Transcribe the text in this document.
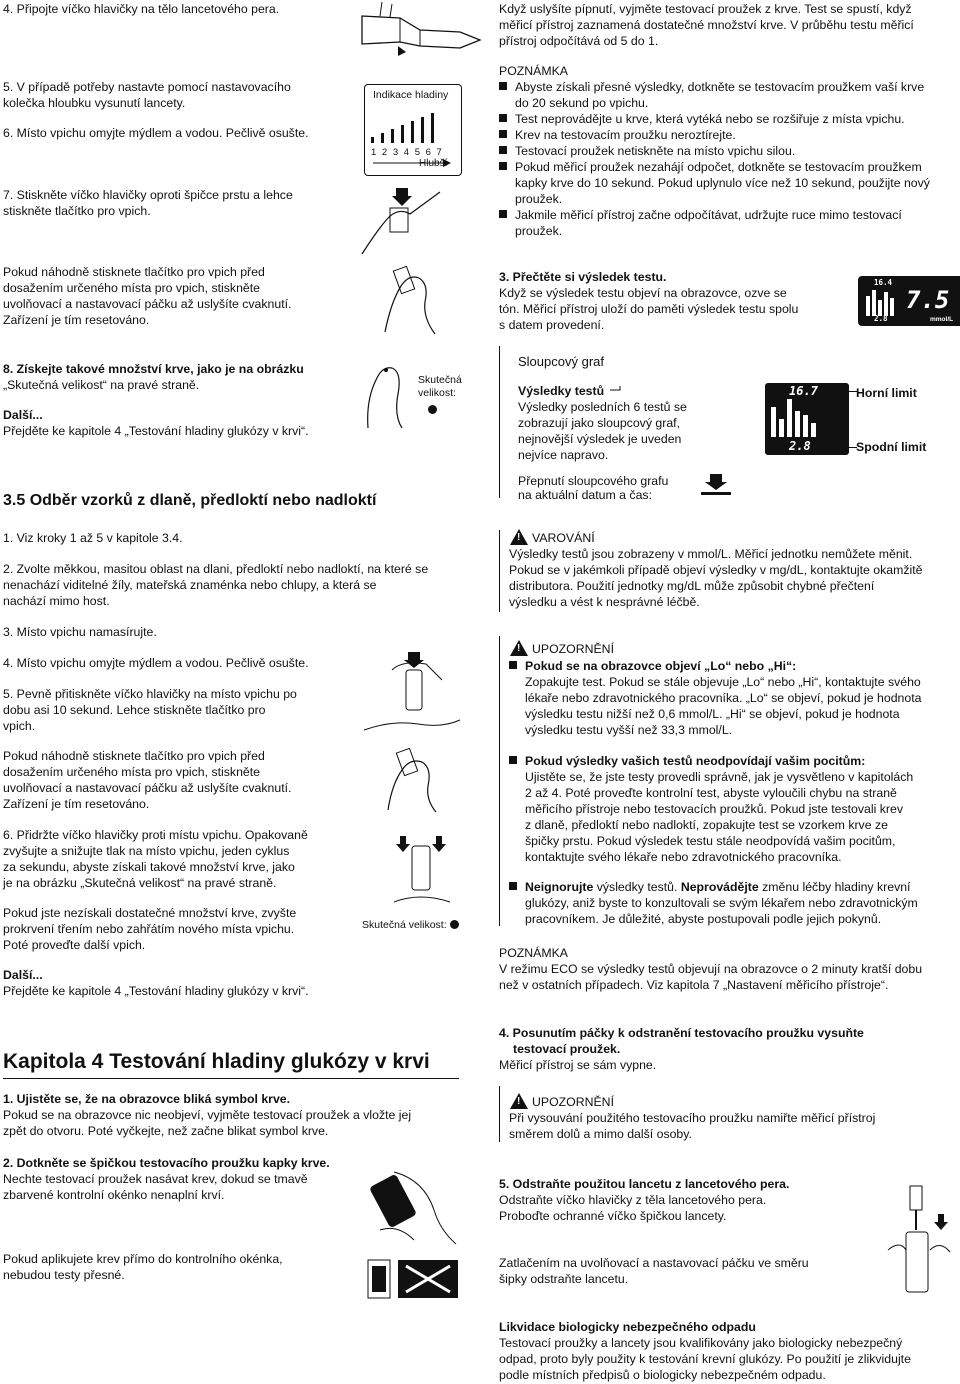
4. Připojte víčko hlavičky na tělo lancetového pera.
5. V případě potřeby nastavte pomocí nastavovacího
kolečka hloubku vysunutí lancety.
6. Místo vpichu omyjte mýdlem a vodou. Pečlivě osušte.
7. Stiskněte víčko hlavičky oproti špičce prstu a lehce
stiskněte tlačítko pro vpich.
Indikace hladiny
1 2 3 4 5 6 7
Hlubší
Pokud náhodně stisknete tlačítko pro vpich před
dosažením určeného místa pro vpich, stiskněte
uvolňovací a nastavovací páčku až uslyšíte cvaknutí.
Zařízení je tím resetováno.
8. Získejte takové množství krve, jako je na obrázku
„Skutečná velikost“ na pravé straně.	Skutečná
velikost:
Další...
Přejděte ke kapitole 4 „Testování hladiny glukózy v krvi“.
3.5 Odběr vzorků z dlaně, předloktí nebo nadloktí
1. Viz kroky 1 až 5 v kapitole 3.4.
2. Zvolte měkkou, masitou oblast na dlani, předloktí nebo nadloktí, na které se
nenachází viditelné žíly, mateřská znaménka nebo chlupy, a která se
nachází mimo host.
3. Místo vpichu namasírujte.
4. Místo vpichu omyjte mýdlem a vodou. Pečlivě osušte.
5. Pevně přitiskněte víčko hlavičky na místo vpichu po
dobu asi 10 sekund. Lehce stiskněte tlačítko pro
vpich.
Pokud náhodně stisknete tlačítko pro vpich před
dosažením určeného místa pro vpich, stiskněte
uvolňovací a nastavovací páčku až uslyšíte cvaknutí.
Zařízení je tím resetováno.
6. Přidržte víčko hlavičky proti místu vpichu. Opakovaně
zvyšujte a snižujte tlak na místo vpichu, jeden cyklus
za sekundu, abyste získali takové množství krve, jako
je na obrázku „Skutečná velikost“ na pravé straně.
Pokud jste nezískali dostatečné množství krve, zvyšte
prokrvení třením nebo zahřátím nového místa vpichu.
Poté proveďte další vpich.
Skutečná velikost:
Další...
Přejděte ke kapitole 4 „Testování hladiny glukózy v krvi“.
Kapitola 4 Testování hladiny glukózy v krvi
1. Ujistěte se, že na obrazovce bliká symbol krve.
Pokud se na obrazovce nic neobjeví, vyjměte testovací proužek a vložte jej
zpět do otvoru. Poté vyčkejte, než začne blikat symbol krve.
2. Dotkněte se špičkou testovacího proužku kapky krve.
Nechte testovací proužek nasávat krev, dokud se tmavě
zbarvené kontrolní okénko nenaplní krví.
Pokud aplikujete krev přímo do kontrolního okénka,
nebudou testy přesné.
Když uslyšíte pípnutí, vyjměte testovací proužek z krve. Test se spustí, když
měřicí přístroj zaznamená dostatečné množství krve. V průběhu testu měřicí
přístroj odpočítává od 5 do 1.
POZNÁMKA
Abyste získali přesné výsledky, dotkněte se testovacím proužkem vaší krve
do 20 sekund po vpichu.
Test neprovádějte u krve, která vytéká nebo se rozšiřuje z místa vpichu.
Krev na testovacím proužku neroztírejte.
Testovací proužek netiskněte na místo vpichu silou.
Pokud měřicí proužek nezahájí odpočet, dotkněte se testovacím proužkem
kapky krve do 10 sekund. Pokud uplynulo více než 10 sekund, použijte nový
proužek.
Jakmile měřicí přístroj začne odpočítávat, udržujte ruce mimo testovací
proužek.
3. Přečtěte si výsledek testu.
Když se výsledek testu objeví na obrazovce, ozve se
tón. Měřicí přístroj uloží do paměti výsledek testu spolu
s datem provedení.
16.4
2.8
7.5
mmol/L
Sloupcový graf
Výsledky testů
Výsledky posledních 6 testů se
zobrazují jako sloupcový graf,
nejnovější výsledek je uveden
nejvíce napravo.
16.7
2.8
Horní limit
Spodní limit
Přepnutí sloupcového grafu
na aktuální datum a čas:
! VAROVÁNÍ
Výsledky testů jsou zobrazeny v mmol/L. Měřicí jednotku nemůžete měnit.
Pokud se v jakémkoli případě objeví výsledky v mg/dL, kontaktujte okamžitě
distributora. Použití jednotky mg/dL může způsobit chybné přečtení
výsledku a vést k nesprávné léčbě.
! UPOZORNĚNÍ
Pokud se na obrazovce objeví „Lo“ nebo „Hi“:
Zopakujte test. Pokud se stále objevuje „Lo“ nebo „Hi“, kontaktujte svého
lékaře nebo zdravotnického pracovníka. „Lo“ se objeví, pokud je hodnota
výsledku testu nižší než 0,6 mmol/L. „Hi“ se objeví, pokud je hodnota
výsledku testu vyšší než 33,3 mmol/L.
Pokud výsledky vašich testů neodpovídají vašim pocitům:
Ujistěte se, že jste testy provedli správně, jak je vysvětleno v kapitolách
2 až 4. Poté proveďte kontrolní test, abyste vyloučili chybu na straně
měřicího přístroje nebo testovacích proužků. Pokud jste testovali krev
z dlaně, předloktí nebo nadloktí, zopakujte test se vzorkem krve ze
špičky prstu. Pokud výsledek testu stále neodpovídá vašim pocitům,
kontaktujte svého lékaře nebo zdravotnického pracovníka.
Neignorujte výsledky testů. Neprovádějte změnu léčby hladiny krevní
glukózy, aniž byste to konzultovali se svým lékařem nebo zdravotnickým
pracovníkem. Je důležité, abyste postupovali podle jejich pokynů.
POZNÁMKA
V režimu ECO se výsledky testů objevují na obrazovce o 2 minuty kratší dobu
než v ostatních případech. Viz kapitola 7 „Nastavení měřicího přístroje“.
4. Posunutím páčky k odstranění testovacího proužku vysuňte
testovací proužek.
Měřicí přístroj se sám vypne.
! UPOZORNĚNÍ
Při vysouvání použitého testovacího proužku namiřte měřicí přístroj
směrem dolů a mimo další osoby.
5. Odstraňte použitou lancetu z lancetového pera.
Odstraňte víčko hlavičky z těla lancetového pera.
Proboďte ochranné víčko špičkou lancety.
Zatlačením na uvolňovací a nastavovací páčku ve směru
šipky odstraňte lancetu.
Likvidace biologicky nebezpečného odpadu
Testovací proužky a lancety jsou kvalifikovány jako biologicky nebezpečný
odpad, proto byly použity k testování krevní glukózy. Po použití je zlikvidujte
podle místních předpisů o biologicky nebezpečném odpadu.
